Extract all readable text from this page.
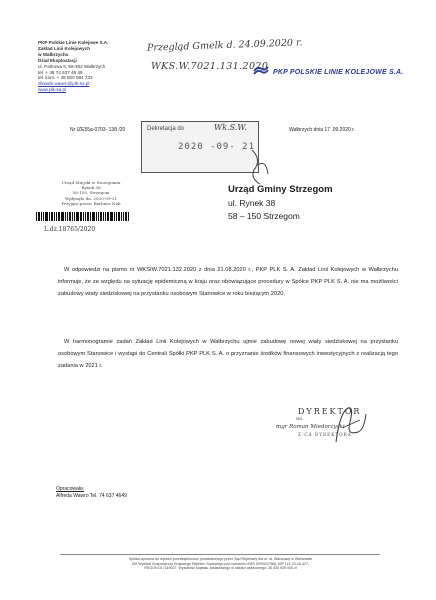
PKP Polskie Linie Kolejowe S.A.
Zakład Linii Kolejowych
w Wałbrzychu
Dział Eksploatacji
ul. Parkowa 8, 58-302 Wałbrzych
tel. + 48 74 637 46 49
tel. kom. + 48 600 084 733
zlkwalb.wawrn@plk-sa.pl
www.plk-sa.pl
Przegląd Gmelk d. 24.09.2020 r.
WKS.W.7021.131.2020 PKP POLSKIE LINIE KOLEJOWE S.A.
Nr IZE55a-0703- 138 /20	Wałbrzych dnia 17 .09.2020 r.
Dekretacja do	Wk.S.W.
2020 -09- 21
Urząd Miejski w Strzegomiu
Rynek 38
58-150, Strzegom
Wpłynęło dn. 2020-09-21
Przyjęto przez: Barbara Nuk
L.dz.18765/2020
Urząd Gminy Strzegom
ul. Rynek 38
58 – 150 Strzegom
W odpowiedzi na pismo nr WKSIW.7021.132.2020 z dnia 21.08.2020 r., PKP PLK S. A. Zakład Linii Kolejowych w Wałbrzychu informuje, że ze względu na sytuację epidemiczną w kraju oraz obowiązujące procedury w Spółce PKP PLK S. A. nie ma możliwości zabudowy wiaty siedziskowej na przystanku osobowym Stanowice w roku bieżącym 2020.
W harmonogramie zadań Zakład Linii Kolejowych w Wałbrzychu ujmie zabudowę nowej wiaty siedziskowej na przystanku osobowym Stanowice i wystąpi do Centrali Spółki PKP PLK S. A. o przyznanie środków finansowych inwestycyjnych z realizacją tego zadania w 2021 r.
DYREKTOR
wz.
mgr Roman Miedorzycki
Z-CA DYREKTORA
Opracowała:
Alfreda Wawro Tel. 74 637 4649
Spółka wpisana do rejestru przedsiębiorców prowadzonego przez Sąd Rejonowy dla m. st. Warszawy w Warszawie
XIII Wydział Gospodarczy Krajowego Rejestru Sądowego pod numerem KRS 0000037568, NIP 113-23-16-427,
REGON 017319027. Wysokość kapitału zakładowego w całości wpłaconego: 26 434 939 000 zł
